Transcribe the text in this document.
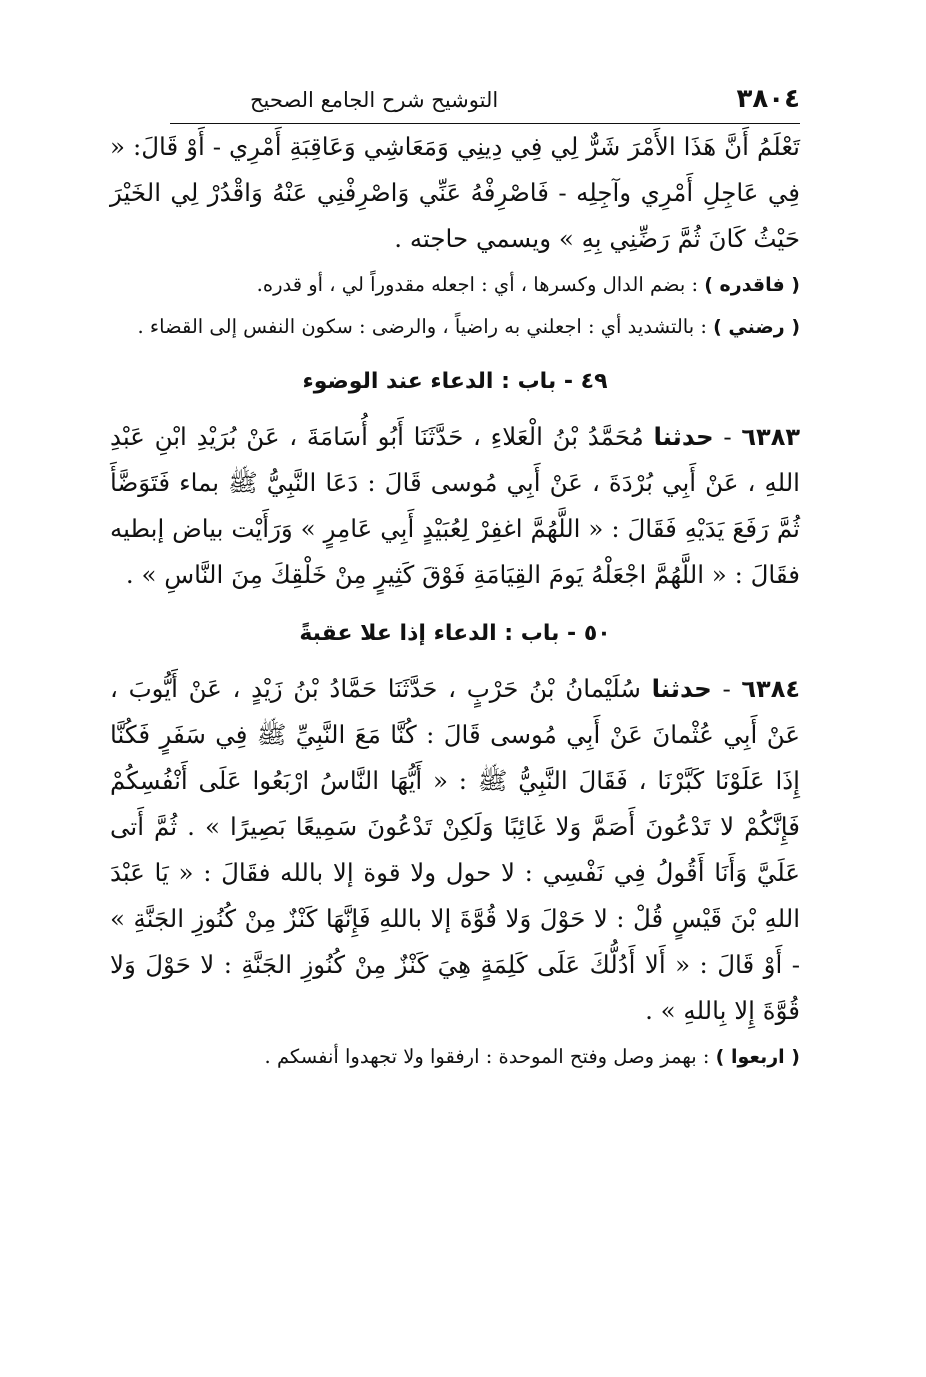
٣٨٠٤
التوشيح شرح الجامع الصحيح

تَعْلَمُ أَنَّ هَذَا الأَمْرَ شَرٌّ لِي فِي دِينِي وَمَعَاشِي وَعَاقِبَةِ أَمْرِي - أَوْ قَالَ: « فِي عَاجِلِ أَمْرِي وآجِلِه - فَاصْرِفْهُ عَنِّي وَاصْرِفْنِي عَنْهُ وَاقْدُرْ لِي الخَيْرَ حَيْثُ كَانَ ثُمَّ رَضِّنِي بِهِ » ويسمي حاجته .

( فاقدره ) : بضم الدال وكسرها ، أي : اجعله مقدوراً لي ، أو قدره.

( رضني ) : بالتشديد أي : اجعلني به راضياً ، والرضى : سكون النفس إلى القضاء .

٤٩ - باب : الدعاء عند الوضوء

٦٣٨٣ - حدثنا مُحَمَّدُ بْنُ الْعَلاءِ ، حَدَّثَنَا أَبُو أُسَامَةَ ، عَنْ بُرَيْدِ ابْنِ عَبْدِ اللهِ ، عَنْ أَبِي بُرْدَةَ ، عَنْ أَبِي مُوسى قَالَ : دَعَا النَّبِيُّ ﷺ بماء فَتَوَضَّأَ ثُمَّ رَفَعَ يَدَيْهِ فَقَالَ : « اللَّهُمَّ اغفِرْ لِعُبَيْدٍ أَبِي عَامِرٍ » وَرَأَيْت بياض إبطيه فقَالَ : « اللَّهُمَّ اجْعَلْهُ يَومَ القِيَامَةِ فَوْقَ كَثِيرٍ مِنْ خَلْقِكَ مِنَ النَّاسِ » .

٥٠ - باب : الدعاء إذا علا عقبةً

٦٣٨٤ - حدثنا سُلَيْمانُ بْنُ حَرْبٍ ، حَدَّثَنَا حَمَّادُ بْنُ زَيْدٍ ، عَنْ أَيُّوبَ ، عَنْ أَبِي عُثْمانَ عَنْ أَبِي مُوسى قَالَ : كُنَّا مَعَ النَّبِيِّ ﷺ فِي سَفَرٍ فَكُنَّا إِذَا عَلَوْنَا كَبَّرْنَا ، فَقَالَ النَّبِيُّ ﷺ : « أَيُّهَا النَّاسُ ارْبَعُوا عَلَى أَنْفُسِكُمْ فَإِنَّكُمْ لا تَدْعُونَ أَصَمَّ وَلا غَائِبًا وَلَكِنْ تَدْعُونَ سَمِيعًا بَصِيرًا » . ثُمَّ أَتى عَلَيَّ وَأَنَا أَقُولُ فِي نَفْسِي : لا حول ولا قوة إلا بالله فقَالَ : « يَا عَبْدَ اللهِ بْنَ قَيْسٍ قُلْ : لا حَوْلَ وَلا قُوَّةَ إلا باللهِ فَإِنَّهَا كَنْزٌ مِنْ كُنُوزِ الجَنَّةِ » - أَوْ قَالَ : « أَلا أَدُلُّكَ عَلَى كَلِمَةٍ هِيَ كَنْزٌ مِنْ كُنُوزِ الجَنَّةِ : لا حَوْلَ وَلا قُوَّةَ إِلا بِاللهِ » .

( اربعوا ) : بهمز وصل وفتح الموحدة : ارفقوا ولا تجهدوا أنفسكم .
